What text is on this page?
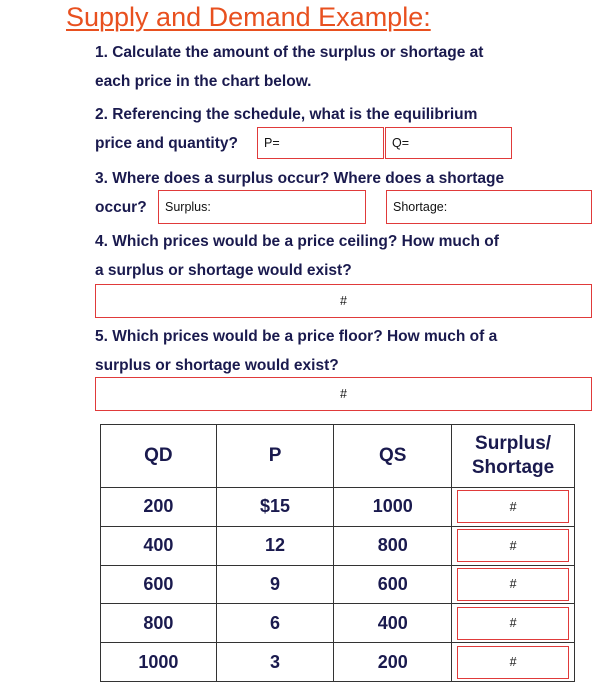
Supply and Demand Example:
1. Calculate the amount of the surplus or shortage at
each price in the chart below.
2. Referencing the schedule, what is the equilibrium
price and quantity?	P=	Q=
3. Where does a surplus occur? Where does a shortage
occur?	Surplus:	Shortage:
4. Which prices would be a price ceiling? How much of
a surplus or shortage would exist?
#
5. Which prices would be a price floor? How much of a
surplus or shortage would exist?
#
QD	P	QS	Surplus/
Shortage

200	$15	1000	#

400	12	800	#

600	9	600	#

800	6	400	#

1000	3	200	#
